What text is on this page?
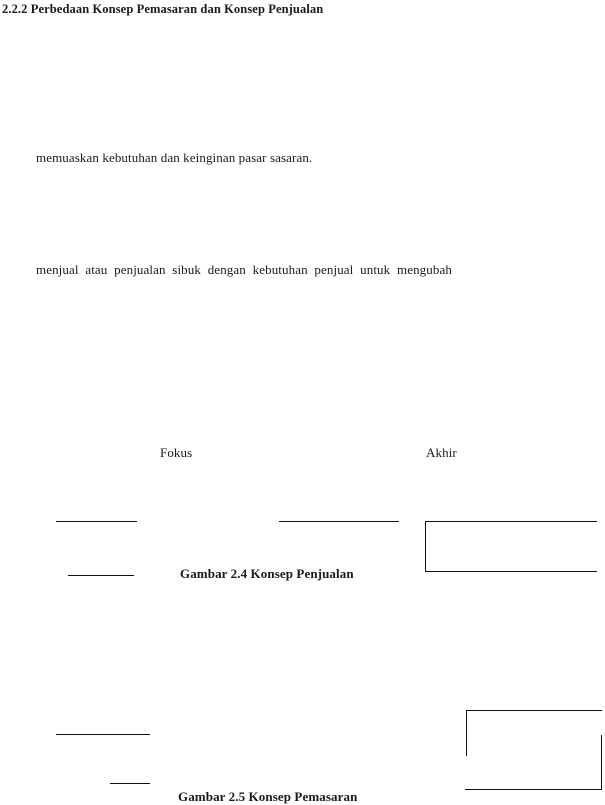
2.2.2 Perbedaan Konsep Pemasaran dan Konsep Penjualan
memuaskan kebutuhan dan keinginan pasar sasaran.
menjual atau penjualan sibuk dengan kebutuhan penjual untuk mengubah
Fokus	Akhir
Gambar 2.4 Konsep Penjualan
Gambar 2.5 Konsep Pemasaran
